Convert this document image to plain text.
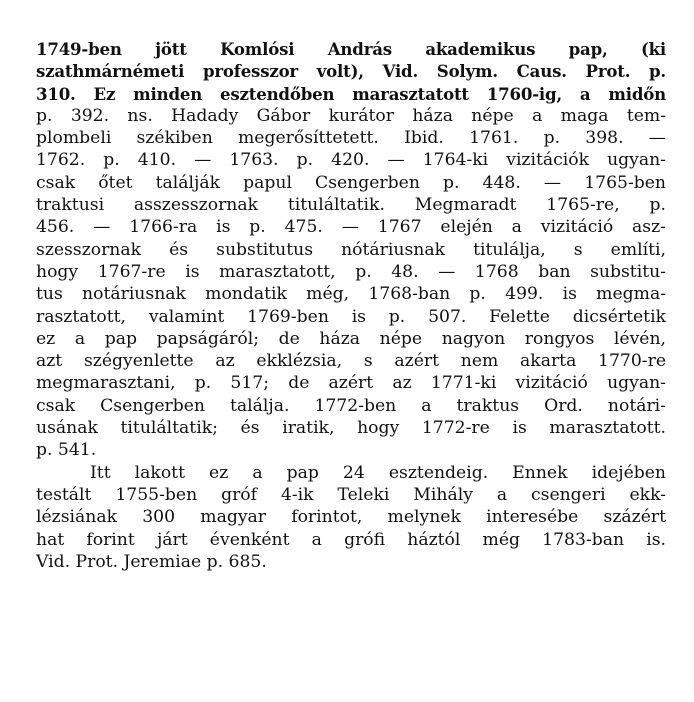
1749-ben jött Komlósi András akademikus pap, (ki
szathmárnémeti professzor volt), Vid. Solym. Caus. Prot. p.
310. Ez minden esztendőben marasztatott 1760-ig, a midőn
p. 392. ns. Hadady Gábor kurátor háza népe a maga tem-
plombeli székiben megerősíttetett. Ibid. 1761. p. 398. —
1762. p. 410. — 1763. p. 420. — 1764-ki vizitációk ugyan-
csak őtet találják papul Csengerben p. 448. — 1765-ben
traktusi asszesszornak tituláltatik. Megmaradt 1765-re, p.
456. — 1766-ra is p. 475. — 1767 elején a vizitáció asz-
szesszornak és substitutus nótáriusnak titulálja, s említi,
hogy 1767-re is marasztatott, p. 48. — 1768 ban substitu-
tus notáriusnak mondatik még, 1768-ban p. 499. is megma-
rasztatott, valamint 1769-ben is p. 507. Felette dicsértetik
ez a pap papságáról; de háza népe nagyon rongyos lévén,
azt szégyenlette az ekklézsia, s azért nem akarta 1770-re
megmarasztani, p. 517; de azért az 1771-ki vizitáció ugyan-
csak Csengerben találja. 1772-ben a traktus Ord. notári-
usának tituláltatik; és iratik, hogy 1772-re is marasztatott.
p. 541.
Itt lakott ez a pap 24 esztendeig. Ennek idejében
testált 1755-ben gróf 4-ik Teleki Mihály a csengeri ekk-
lézsiának 300 magyar forintot, melynek interesébe százért
hat forint járt évenként a grófi háztól még 1783-ban is.
Vid. Prot. Jeremiae p. 685.
